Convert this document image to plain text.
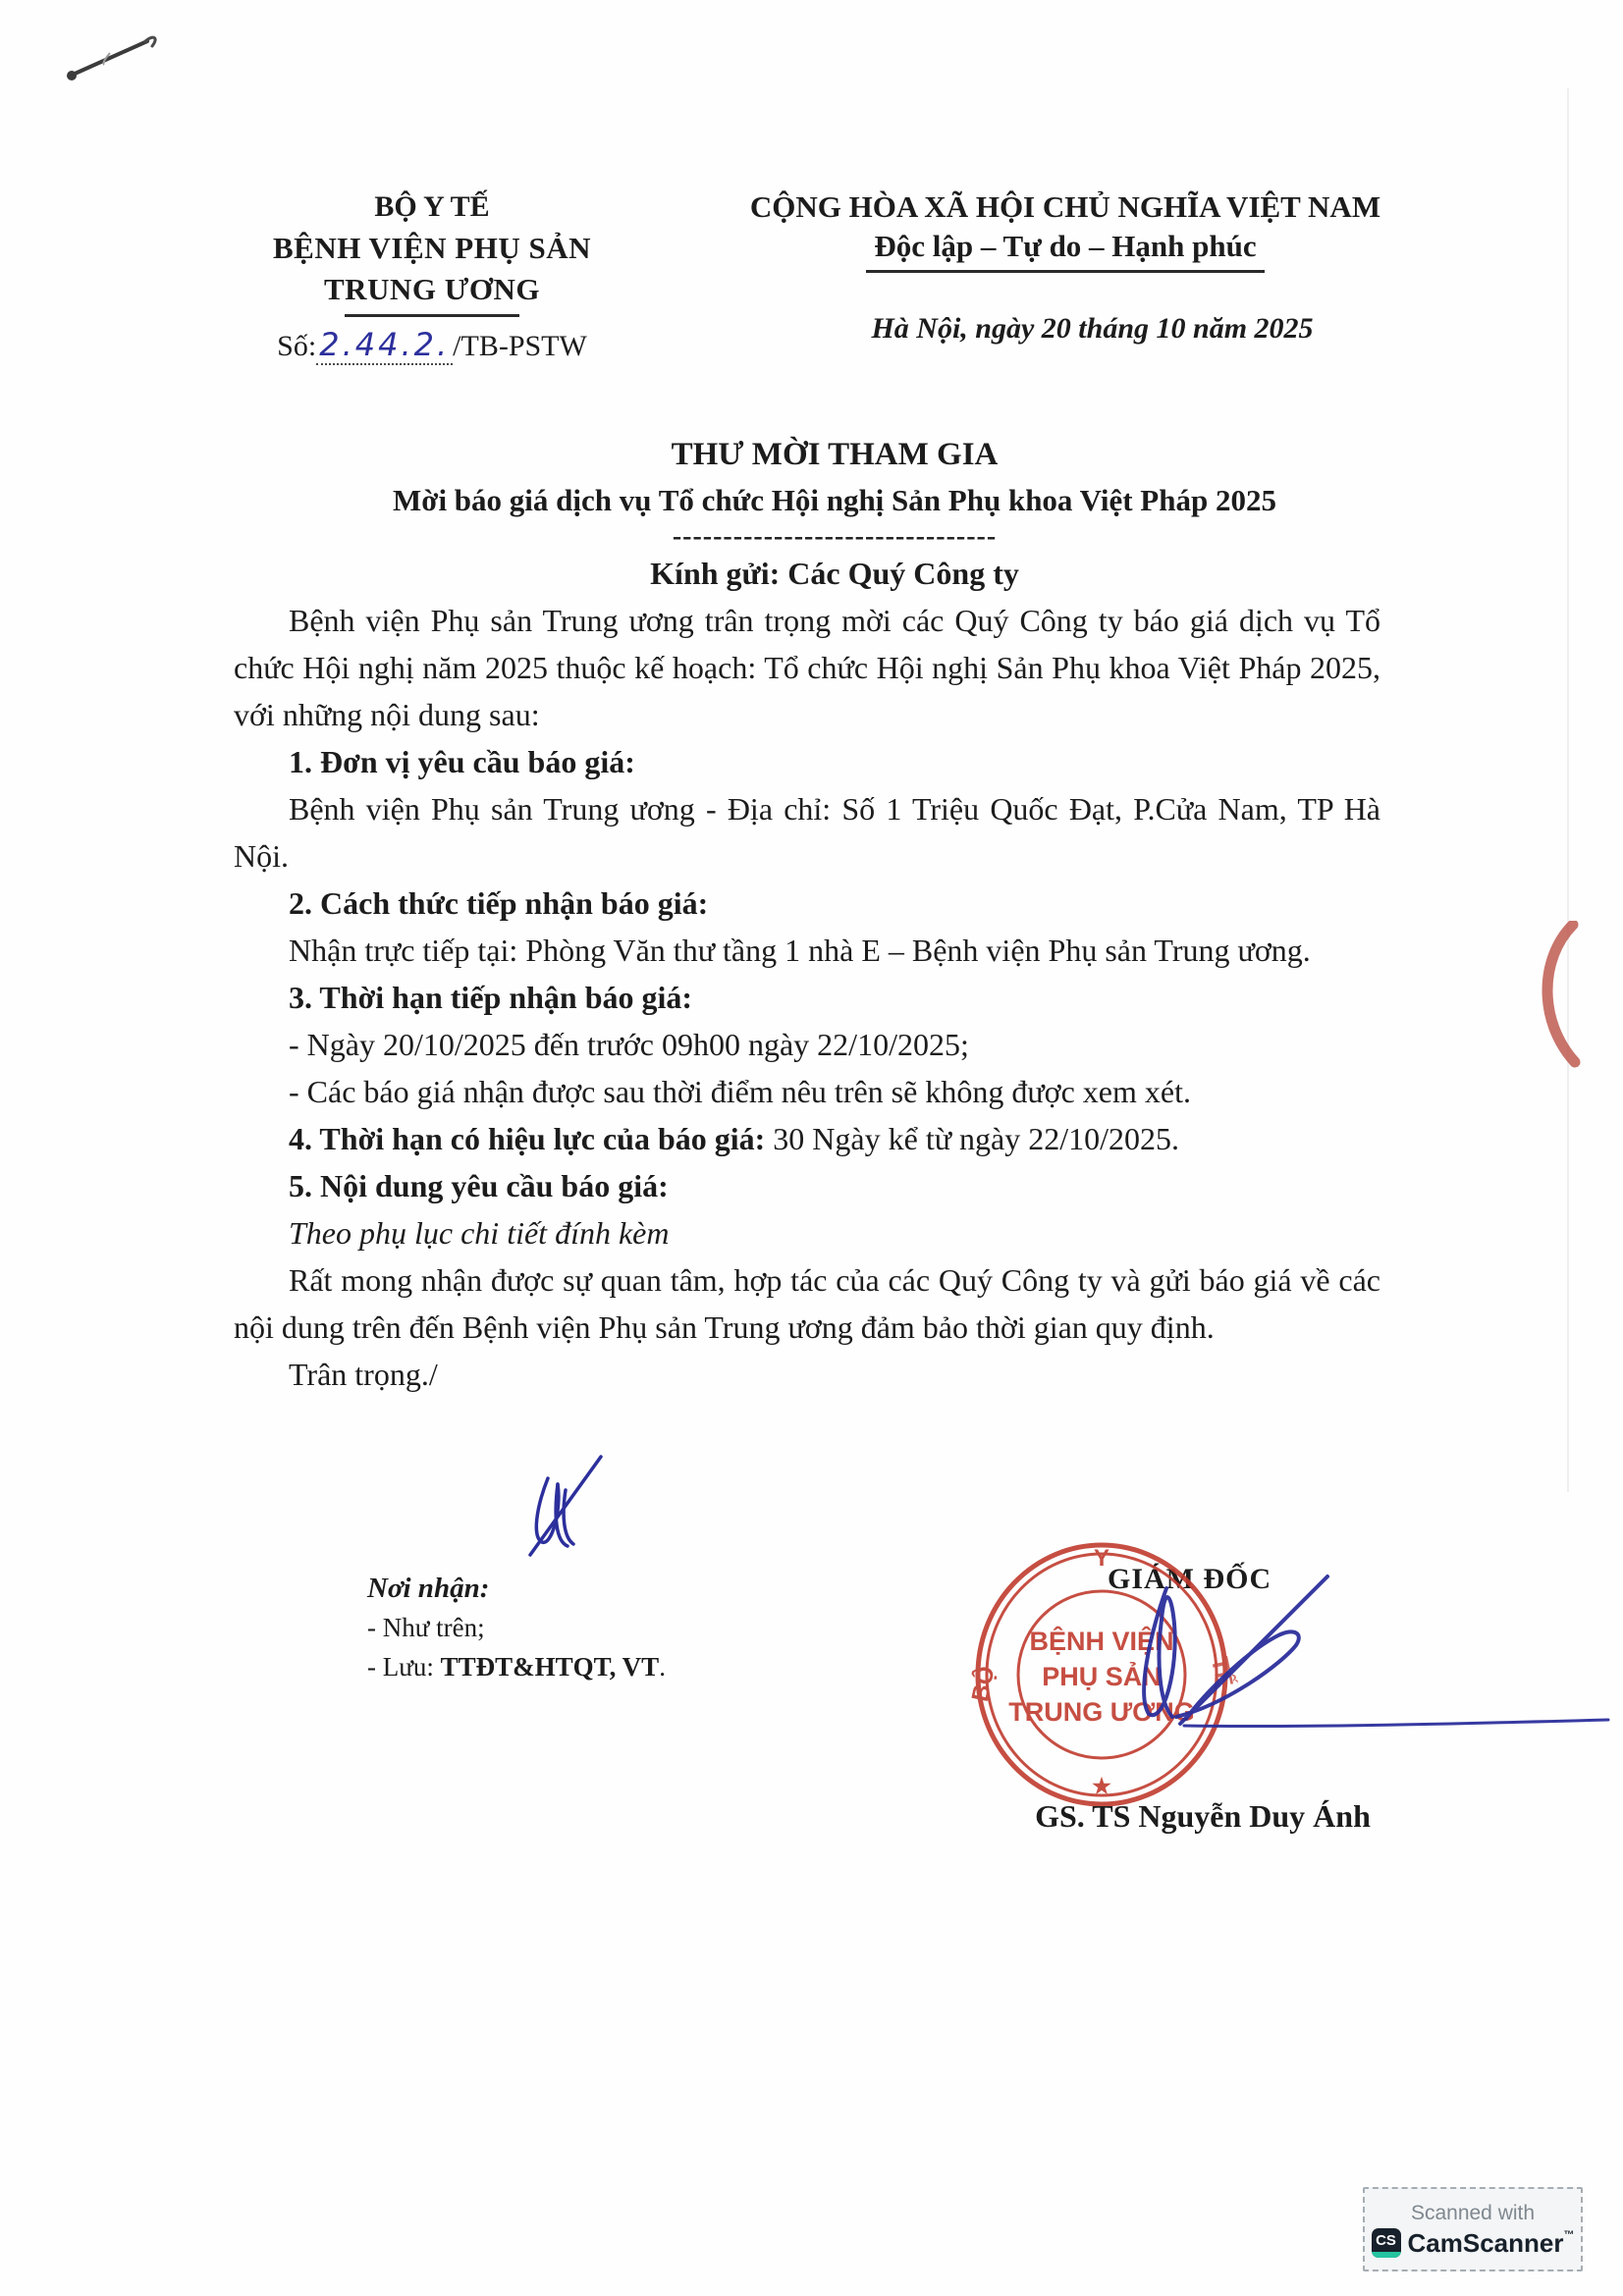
BỘ Y TẾ
BỆNH VIỆN PHỤ SẢN
TRUNG ƯƠNG
Số:2.44.2. /TB-PSTW
CỘNG HÒA XÃ HỘI CHỦ NGHĨA VIỆT NAM
Độc lập – Tự do – Hạnh phúc
Hà Nội, ngày 20 tháng 10 năm 2025

THƯ MỜI THAM GIA

Mời báo giá dịch vụ Tổ chức Hội nghị Sản Phụ khoa Việt Pháp 2025

--------------------------------

Kính gửi: Các Quý Công ty

Bệnh viện Phụ sản Trung ương trân trọng mời các Quý Công ty báo giá dịch vụ Tổ chức Hội nghị năm 2025 thuộc kế hoạch: Tổ chức Hội nghị Sản Phụ khoa Việt Pháp 2025, với những nội dung sau:

1. Đơn vị yêu cầu báo giá:

Bệnh viện Phụ sản Trung ương - Địa chỉ: Số 1 Triệu Quốc Đạt, P.Cửa Nam, TP Hà Nội.

2. Cách thức tiếp nhận báo giá:

Nhận trực tiếp tại: Phòng Văn thư tầng 1 nhà E – Bệnh viện Phụ sản Trung ương.

3. Thời hạn tiếp nhận báo giá:

- Ngày 20/10/2025 đến trước 09h00 ngày 22/10/2025;

- Các báo giá nhận được sau thời điểm nêu trên sẽ không được xem xét.

4. Thời hạn có hiệu lực của báo giá: 30 Ngày kể từ ngày 22/10/2025.

5. Nội dung yêu cầu báo giá:

Theo phụ lục chi tiết đính kèm

Rất mong nhận được sự quan tâm, hợp tác của các Quý Công ty và gửi báo giá về các nội dung trên đến Bệnh viện Phụ sản Trung ương đảm bảo thời gian quy định.

Trân trọng./

Nơi nhận:
- Như trên;
- Lưu: TTĐT&HTQT, VT.
GIÁM ĐỐC
Y
BỘ	TẾ
BỆNH VIỆN
PHỤ SẢN
TRUNG ƯƠNG
★
GS. TS Nguyễn Duy Ánh
Scanned with
CS CamScanner™
